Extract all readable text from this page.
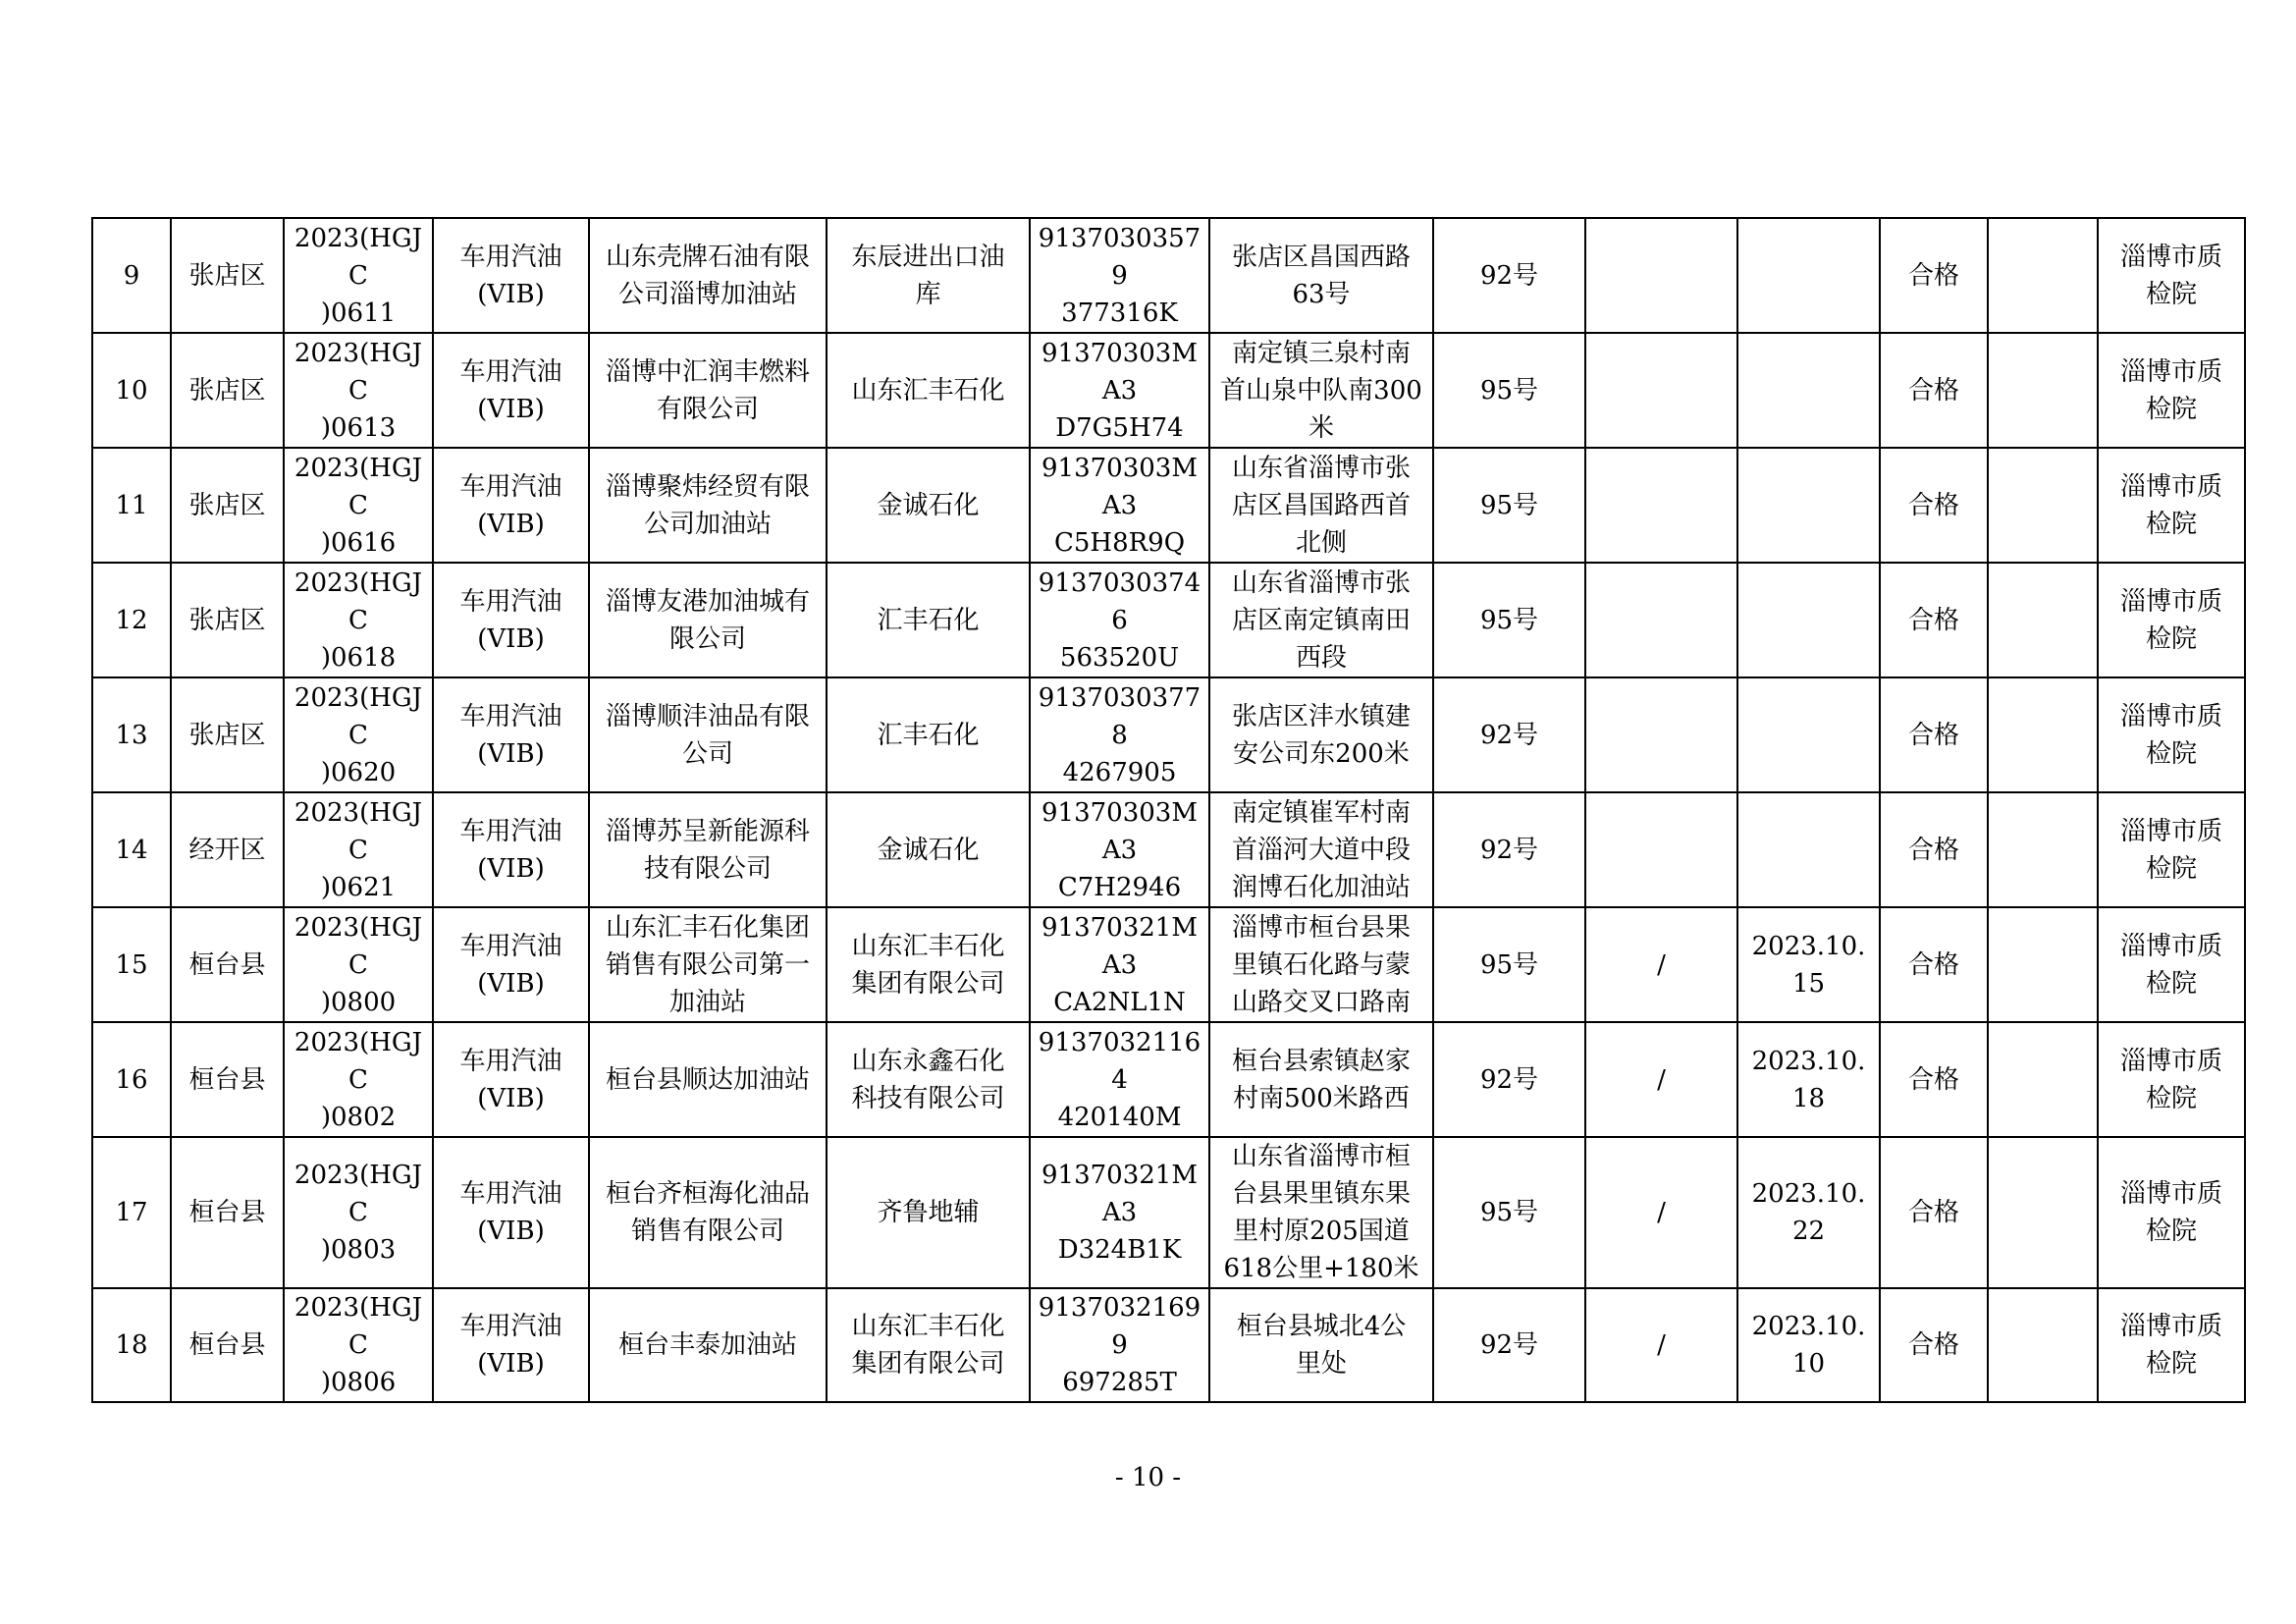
9	张店区	2023(HGJC
)0611	车用汽油
(VIB)	山东壳牌石油有限
公司淄博加油站	东辰进出口油
库	91370303579
377316K	张店区昌国西路
63号	92号			合格		淄博市质
检院

10	张店区	2023(HGJC
)0613	车用汽油
(VIB)	淄博中汇润丰燃料
有限公司	山东汇丰石化	91370303MA3
D7G5H74	南定镇三泉村南
首山泉中队南300
米	95号			合格		淄博市质
检院

11	张店区	2023(HGJC
)0616	车用汽油
(VIB)	淄博聚炜经贸有限
公司加油站	金诚石化	91370303MA3
C5H8R9Q	山东省淄博市张
店区昌国路西首
北侧	95号			合格		淄博市质
检院

12	张店区	2023(HGJC
)0618	车用汽油
(VIB)	淄博友港加油城有
限公司	汇丰石化	91370303746
563520U	山东省淄博市张
店区南定镇南田
西段	95号			合格		淄博市质
检院

13	张店区	2023(HGJC
)0620	车用汽油
(VIB)	淄博顺沣油品有限
公司	汇丰石化	91370303778
4267905	张店区沣水镇建
安公司东200米	92号			合格		淄博市质
检院

14	经开区	2023(HGJC
)0621	车用汽油
(VIB)	淄博苏呈新能源科
技有限公司	金诚石化	91370303MA3
C7H2946	南定镇崔军村南
首淄河大道中段
润博石化加油站	92号			合格		淄博市质
检院

15	桓台县	2023(HGJC
)0800	车用汽油
(VIB)	山东汇丰石化集团
销售有限公司第一
加油站	山东汇丰石化
集团有限公司	91370321MA3
CA2NL1N	淄博市桓台县果
里镇石化路与蒙
山路交叉口路南	95号	/	2023.10.
15	合格		淄博市质
检院

16	桓台县	2023(HGJC
)0802	车用汽油
(VIB)	桓台县顺达加油站	山东永鑫石化
科技有限公司	91370321164
420140M	桓台县索镇赵家
村南500米路西	92号	/	2023.10.
18	合格		淄博市质
检院

17	桓台县	2023(HGJC
)0803	车用汽油
(VIB)	桓台齐桓海化油品
销售有限公司	齐鲁地辅	91370321MA3
D324B1K	山东省淄博市桓
台县果里镇东果
里村原205国道
618公里+180米	95号	/	2023.10.
22	合格		淄博市质
检院

18	桓台县	2023(HGJC
)0806	车用汽油
(VIB)	桓台丰泰加油站	山东汇丰石化
集团有限公司	91370321699
697285T	桓台县城北4公
里处	92号	/	2023.10.
10	合格		淄博市质
检院
- 10 -
